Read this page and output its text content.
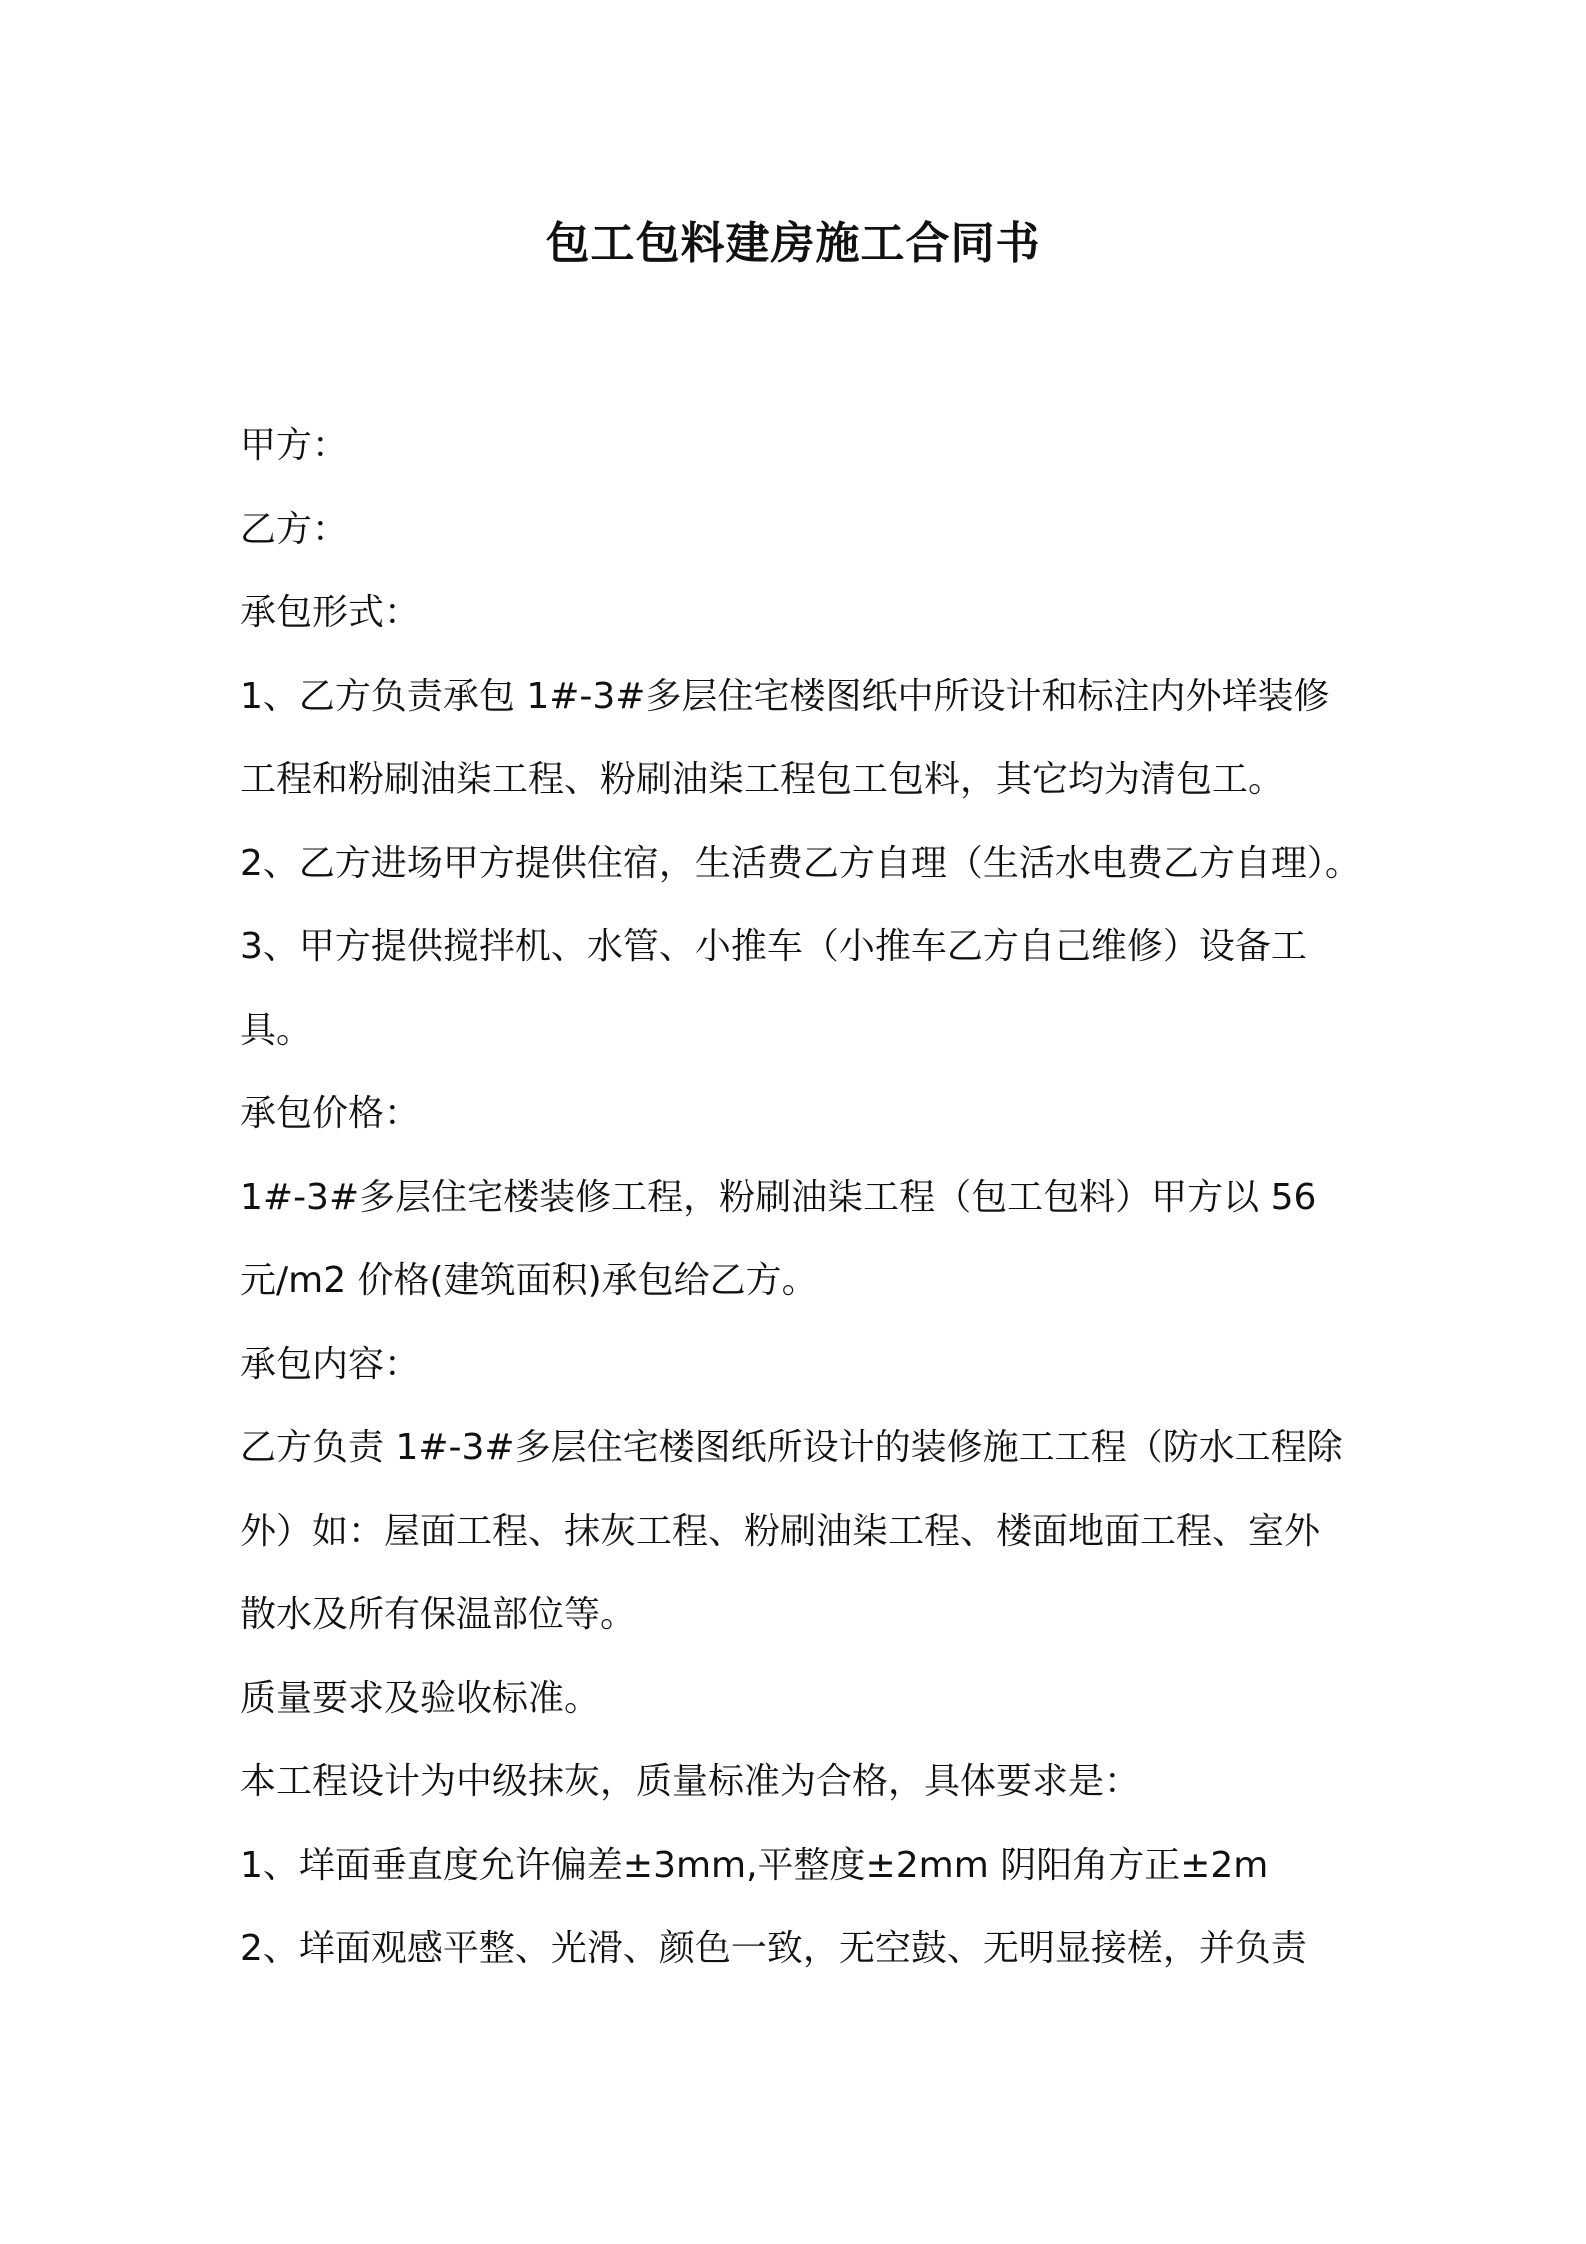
包工包料建房施工合同书

甲方：

乙方：

承包形式：

1、乙方负责承包 1#-3#多层住宅楼图纸中所设计和标注内外垟装修

工程和粉刷油柒工程、粉刷油柒工程包工包料，其它均为清包工。

2、乙方进场甲方提供住宿，生活费乙方自理（生活水电费乙方自理）。

3、甲方提供搅拌机、水管、小推车（小推车乙方自己维修）设备工

具。

承包价格：

1#-3#多层住宅楼装修工程，粉刷油柒工程（包工包料）甲方以 56

元/m2 价格(建筑面积)承包给乙方。

承包内容：

乙方负责 1#-3#多层住宅楼图纸所设计的装修施工工程（防水工程除

外）如：屋面工程、抹灰工程、粉刷油柒工程、楼面地面工程、室外

散水及所有保温部位等。

质量要求及验收标准。

本工程设计为中级抹灰，质量标准为合格，具体要求是：

1、垟面垂直度允许偏差±3mm,平整度±2mm 阴阳角方正±2m

2、垟面观感平整、光滑、颜色一致，无空鼓、无明显接槎，并负责
